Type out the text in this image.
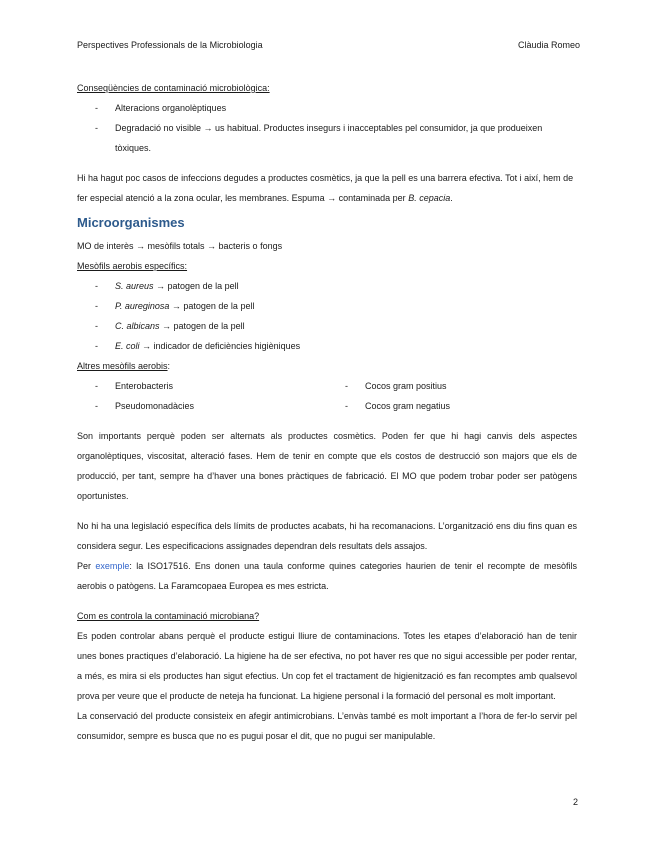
Perspectives Professionals de la Microbiologia	Clàudia Romeo

Conseqüències de contaminació microbiològica:

- Alteracions organolèptiques
- Degradació no visible → us habitual. Productes insegurs i inacceptables pel consumidor, ja que produeixen tòxiques.

Hi ha hagut poc casos de infeccions degudes a productes cosmètics, ja que la pell es una barrera efectiva. Tot i així, hem de fer especial atenció a la zona ocular, les membranes. Espuma → contaminada per B. cepacia.

Microorganismes

MO de interès → mesòfils totals → bacteris o fongs

Mesòfils aerobis específics:

- S. aureus → patogen de la pell
- P. aureginosa → patogen de la pell
- C. albicans → patogen de la pell
- E. coli → indicador de deficiències higièniques

Altres mesòfils aerobis:

- Enterobacteris
- Pseudomonadàcies
- Cocos gram positius
- Cocos gram negatius

Son importants perquè poden ser alternats als productes cosmètics. Poden fer que hi hagi canvis dels aspectes organolèptiques, viscositat, alteració fases. Hem de tenir en compte que els costos de destrucció son majors que els de producció, per tant, sempre ha d’haver una bones pràctiques de fabricació. El MO que podem trobar poder ser patògens oportunistes.

No hi ha una legislació específica dels límits de productes acabats, hi ha recomanacions. L’organització ens diu fins quan es considera segur. Les especificacions assignades dependran dels resultats dels assajos.

Per exemple: la ISO17516. Ens donen una taula conforme quines categories haurien de tenir el recompte de mesòfils aerobis o patògens. La Faramcopaea Europea es mes estricta.

Com es controla la contaminació microbiana?

Es poden controlar abans perquè el producte estigui lliure de contaminacions. Totes les etapes d’elaboració han de tenir unes bones practiques d’elaboració. La higiene ha de ser efectiva, no pot haver res que no sigui accessible per poder rentar, a més, es mira si els productes han sigut efectius. Un cop fet el tractament de higienització es fan recomptes amb qualsevol prova per veure que el producte de neteja ha funcionat. La higiene personal i la formació del personal es molt important.

La conservació del producte consisteix en afegir antimicrobians. L’envàs també es molt important a l’hora de fer-lo servir pel consumidor, sempre es busca que no es pugui posar el dit, que no pugui ser manipulable.

2
